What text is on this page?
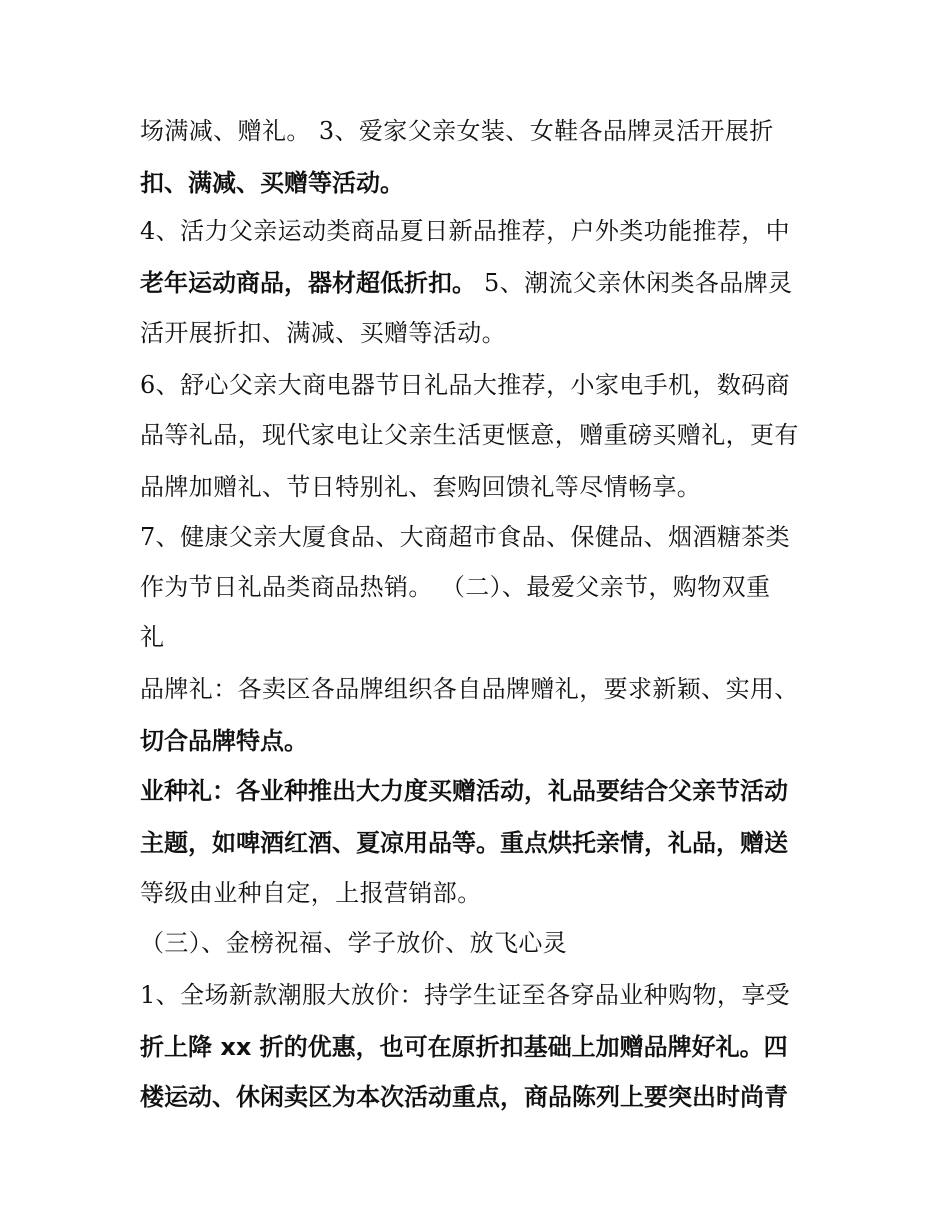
场满减、赠礼。 3、爱家父亲女装、女鞋各品牌灵活开展折
扣、满减、买赠等活动。
4、活力父亲运动类商品夏日新品推荐，户外类功能推荐，中
老年运动商品，器材超低折扣。 5、潮流父亲休闲类各品牌灵
活开展折扣、满减、买赠等活动。
6、舒心父亲大商电器节日礼品大推荐，小家电手机，数码商
品等礼品，现代家电让父亲生活更惬意，赠重磅买赠礼，更有
品牌加赠礼、节日特别礼、套购回馈礼等尽情畅享。
7、健康父亲大厦食品、大商超市食品、保健品、烟酒糖茶类
作为节日礼品类商品热销。 （二）、最爱父亲节，购物双重
礼
品牌礼：各卖区各品牌组织各自品牌赠礼，要求新颖、实用、
切合品牌特点。
业种礼：各业种推出大力度买赠活动，礼品要结合父亲节活动
主题，如啤酒红酒、夏凉用品等。重点烘托亲情，礼品，赠送
等级由业种自定，上报营销部。
（三）、金榜祝福、学子放价、放飞心灵
1、全场新款潮服大放价：持学生证至各穿品业种购物，享受
折上降 xx 折的优惠，也可在原折扣基础上加赠品牌好礼。四
楼运动、休闲卖区为本次活动重点，商品陈列上要突出时尚青
